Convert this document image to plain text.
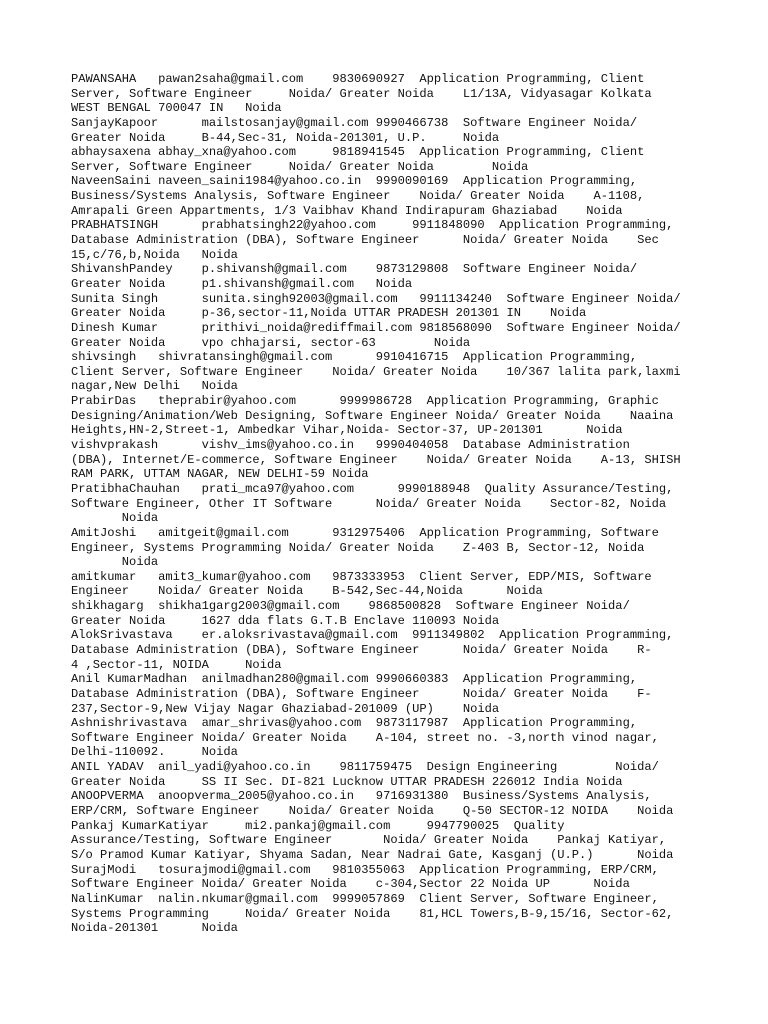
PAWANSAHA   pawan2saha@gmail.com    9830690927  Application Programming, Client
Server, Software Engineer     Noida/ Greater Noida    L1/13A, Vidyasagar Kolkata
WEST BENGAL 700047 IN   Noida
SanjayKapoor      mailstosanjay@gmail.com 9990466738  Software Engineer Noida/
Greater Noida     B-44,Sec-31, Noida-201301, U.P.     Noida
abhaysaxena abhay_xna@yahoo.com     9818941545  Application Programming, Client
Server, Software Engineer     Noida/ Greater Noida        Noida
NaveenSaini naveen_saini1984@yahoo.co.in  9990090169  Application Programming,
Business/Systems Analysis, Software Engineer    Noida/ Greater Noida    A-1108,
Amrapali Green Appartments, 1/3 Vaibhav Khand Indirapuram Ghaziabad    Noida
PRABHATSINGH      prabhatsingh22@yahoo.com     9911848090  Application Programming,
Database Administration (DBA), Software Engineer      Noida/ Greater Noida    Sec
15,c/76,b,Noida   Noida
ShivanshPandey    p.shivansh@gmail.com    9873129808  Software Engineer Noida/
Greater Noida     p1.shivansh@gmail.com   Noida
Sunita Singh      sunita.singh92003@gmail.com   9911134240  Software Engineer Noida/
Greater Noida     p-36,sector-11,Noida UTTAR PRADESH 201301 IN    Noida
Dinesh Kumar      prithivi_noida@rediffmail.com 9818568090  Software Engineer Noida/
Greater Noida     vpo chhajarsi, sector-63        Noida
shivsingh   shivratansingh@gmail.com      9910416715  Application Programming,
Client Server, Software Engineer    Noida/ Greater Noida    10/367 lalita park,laxmi
nagar,New Delhi   Noida
PrabirDas   theprabir@yahoo.com      9999986728  Application Programming, Graphic
Designing/Animation/Web Designing, Software Engineer Noida/ Greater Noida    Naaina
Heights,HN-2,Street-1, Ambedkar Vihar,Noida- Sector-37, UP-201301      Noida
vishvprakash      vishv_ims@yahoo.co.in   9990404058  Database Administration
(DBA), Internet/E-commerce, Software Engineer    Noida/ Greater Noida    A-13, SHISH
RAM PARK, UTTAM NAGAR, NEW DELHI-59 Noida
PratibhaChauhan   prati_mca97@yahoo.com      9990188948  Quality Assurance/Testing,
Software Engineer, Other IT Software      Noida/ Greater Noida    Sector-82, Noida
Noida
AmitJoshi   amitgeit@gmail.com      9312975406  Application Programming, Software
Engineer, Systems Programming Noida/ Greater Noida    Z-403 B, Sector-12, Noida
Noida
amitkumar   amit3_kumar@yahoo.com   9873333953  Client Server, EDP/MIS, Software
Engineer    Noida/ Greater Noida    B-542,Sec-44,Noida      Noida
shikhagarg  shikha1garg2003@gmail.com    9868500828  Software Engineer Noida/
Greater Noida     1627 dda flats G.T.B Enclave 110093 Noida
AlokSrivastava    er.aloksrivastava@gmail.com  9911349802  Application Programming,
Database Administration (DBA), Software Engineer      Noida/ Greater Noida    R-
4 ,Sector-11, NOIDA     Noida
Anil KumarMadhan  anilmadhan280@gmail.com 9990660383  Application Programming,
Database Administration (DBA), Software Engineer      Noida/ Greater Noida    F-
237,Sector-9,New Vijay Nagar Ghaziabad-201009 (UP)    Noida
Ashnishrivastava  amar_shrivas@yahoo.com  9873117987  Application Programming,
Software Engineer Noida/ Greater Noida    A-104, street no. -3,north vinod nagar,
Delhi-110092.     Noida
ANIL YADAV  anil_yadi@yahoo.co.in    9811759475  Design Engineering        Noida/
Greater Noida     SS II Sec. DI-821 Lucknow UTTAR PRADESH 226012 India Noida
ANOOPVERMA  anoopverma_2005@yahoo.co.in   9716931380  Business/Systems Analysis,
ERP/CRM, Software Engineer    Noida/ Greater Noida    Q-50 SECTOR-12 NOIDA    Noida
Pankaj KumarKatiyar     mi2.pankaj@gmail.com     9947790025  Quality
Assurance/Testing, Software Engineer       Noida/ Greater Noida    Pankaj Katiyar,
S/o Pramod Kumar Katiyar, Shyama Sadan, Near Nadrai Gate, Kasganj (U.P.)      Noida
SurajModi   tosurajmodi@gmail.com   9810355063  Application Programming, ERP/CRM,
Software Engineer Noida/ Greater Noida    c-304,Sector 22 Noida UP      Noida
NalinKumar  nalin.nkumar@gmail.com  9999057869  Client Server, Software Engineer,
Systems Programming     Noida/ Greater Noida    81,HCL Towers,B-9,15/16, Sector-62,
Noida-201301      Noida
